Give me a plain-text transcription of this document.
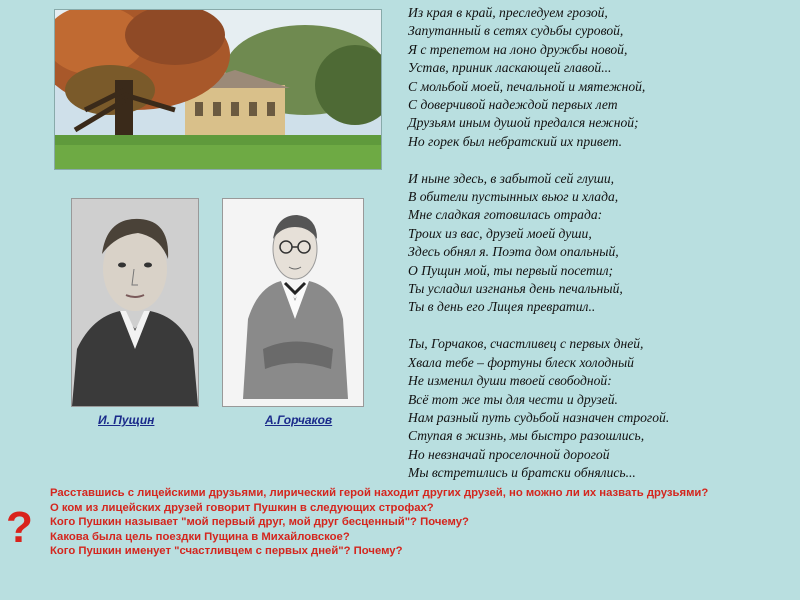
И. Пущин	А.Горчаков
Из края в край, преследуем грозой,
Запутанный в сетях судьбы суровой,
Я с трепетом на лоно дружбы новой,
Устав, приник ласкающей главой...
С мольбой моей, печальной и мятежной,
С доверчивой надеждой первых лет
Друзьям иным душой предался нежной;
Но горек был небратский их привет.
И ныне здесь, в забытой сей глуши,
В обители пустынных вьюг и хлада,
Мне сладкая готовилась отрада:
Троих из вас, друзей моей души,
Здесь обнял я. Поэта дом опальный,
О Пущин мой, ты первый посетил;
Ты усладил изгнанья день печальный,
Ты в день его Лицея превратил..
Ты, Горчаков, счастливец с первых дней,
Хвала тебе – фортуны блеск холодный
Не изменил души твоей свободной:
Всё тот же ты для чести и друзей.
Нам разный путь судьбой назначен строгой.
Ступая в жизнь, мы быстро разошлись,
Но невзначай проселочной дорогой
Мы встретились и братски обнялись...
?
Расставшись с лицейскими друзьями, лирический герой находит других друзей, но можно ли их назвать друзьями?
О ком из лицейских друзей говорит Пушкин в следующих строфах?
Кого Пушкин называет "мой первый друг, мой друг бесценный"? Почему?
Какова была цель поездки Пущина в Михайловское?
Кого Пушкин именует "счастливцем с первых дней"? Почему?
